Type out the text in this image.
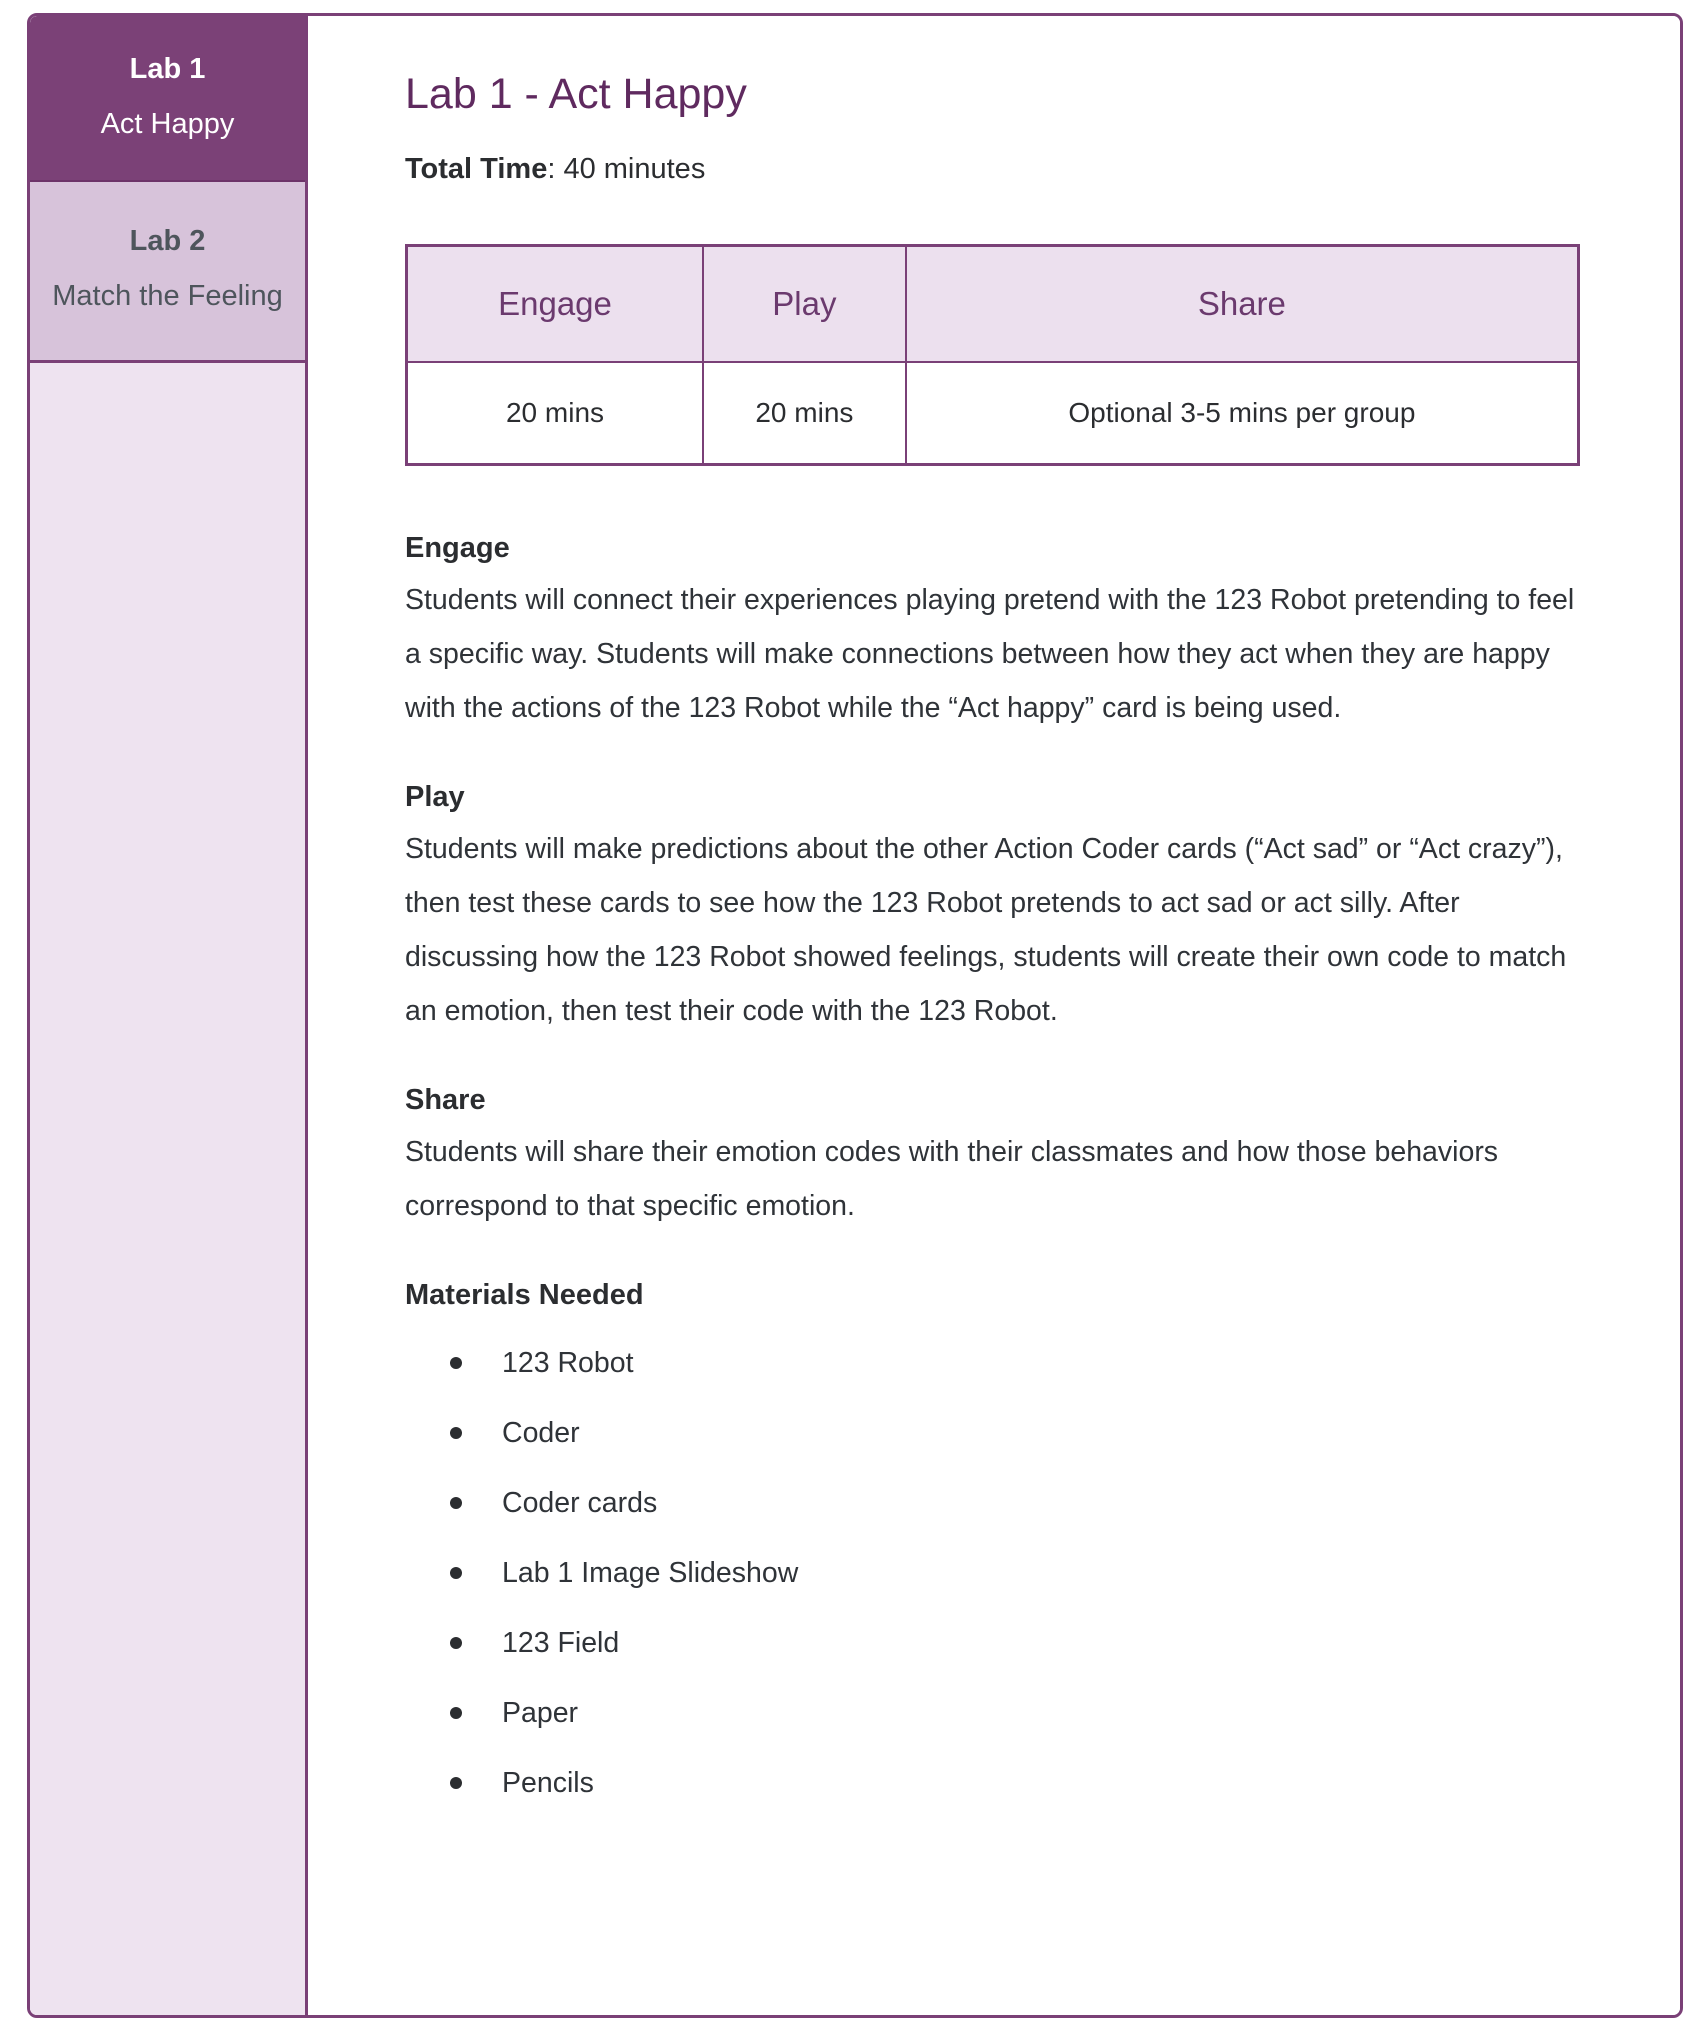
Lab 1
Act Happy
Lab 2
Match the Feeling
Lab 1 - Act Happy

Total Time: 40 minutes

Engage	Play	Share
20 mins	20 mins	Optional 3-5 mins per group
Engage

Students will connect their experiences playing pretend with the 123 Robot pretending to feel a specific way. Students will make connections between how they act when they are happy with the actions of the 123 Robot while the “Act happy” card is being used.

Play

Students will make predictions about the other Action Coder cards (“Act sad” or “Act crazy”), then test these cards to see how the 123 Robot pretends to act sad or act silly. After discussing how the 123 Robot showed feelings, students will create their own code to match an emotion, then test their code with the 123 Robot.

Share

Students will share their emotion codes with their classmates and how those behaviors correspond to that specific emotion.

Materials Needed
123 Robot
Coder
Coder cards
Lab 1 Image Slideshow
123 Field
Paper
Pencils
